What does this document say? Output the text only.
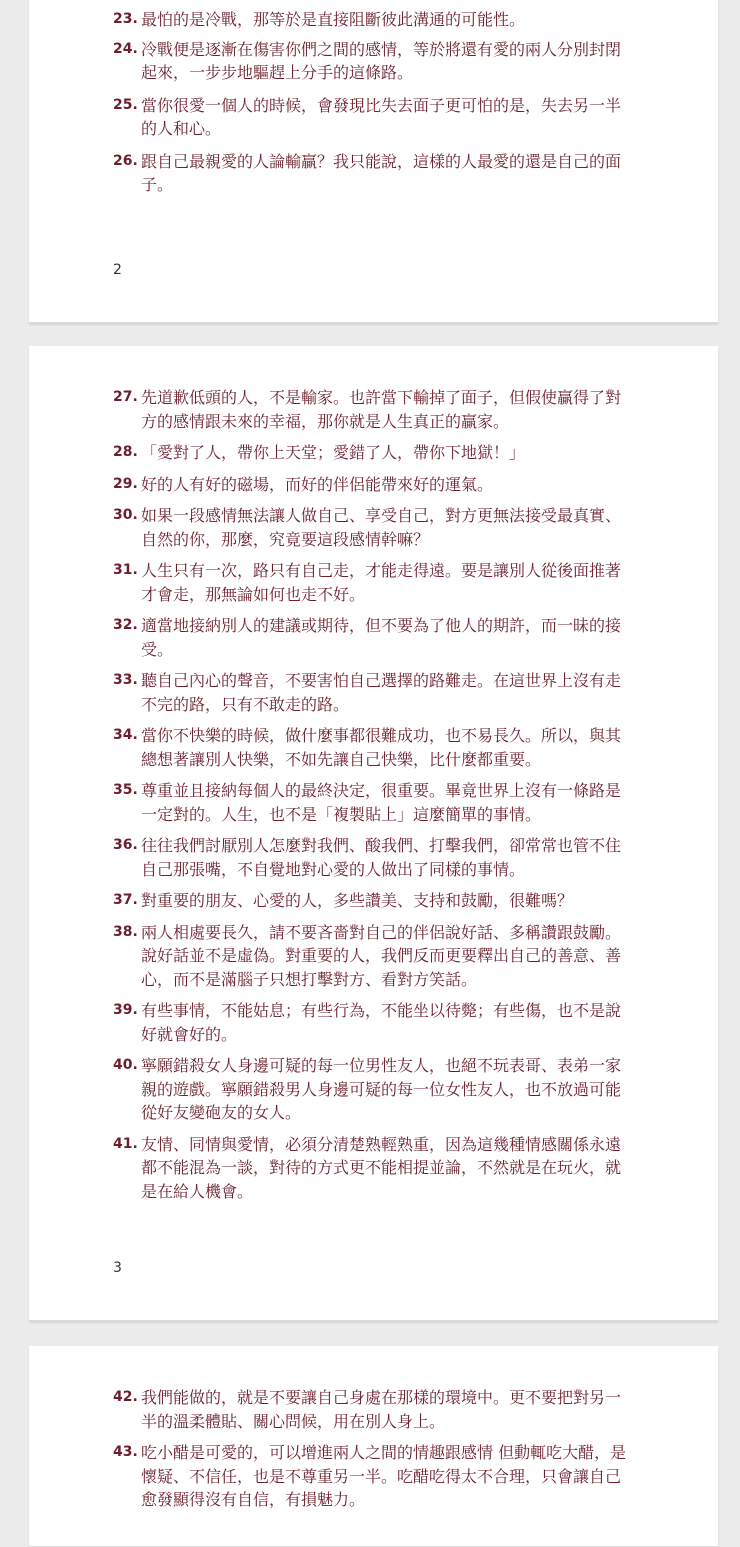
23. 最怕的是冷戰，那等於是直接阻斷彼此溝通的可能性。
24. 冷戰便是逐漸在傷害你們之間的感情，等於將還有愛的兩人分別封閉起來，一步步地驅趕上分手的這條路。
25. 當你很愛一個人的時候，會發現比失去面子更可怕的是，失去另一半的人和心。
26. 跟自己最親愛的人論輸贏？我只能說，這樣的人最愛的還是自己的面子。
2
27. 先道歉低頭的人，不是輸家。也許當下輸掉了面子，但假使贏得了對方的感情跟未來的幸福，那你就是人生真正的贏家。
28. 「愛對了人，帶你上天堂；愛錯了人，帶你下地獄！」
29. 好的人有好的磁場，而好的伴侶能帶來好的運氣。
30. 如果一段感情無法讓人做自己、享受自己，對方更無法接受最真實、自然的你，那麼，究竟要這段感情幹嘛？
31. 人生只有一次，路只有自己走，才能走得遠。要是讓別人從後面推著才會走，那無論如何也走不好。
32. 適當地接納別人的建議或期待，但不要為了他人的期許，而一昧的接受。
33. 聽自己內心的聲音，不要害怕自己選擇的路難走。在這世界上沒有走不完的路，只有不敢走的路。
34. 當你不快樂的時候，做什麼事都很難成功，也不易長久。所以，與其總想著讓別人快樂，不如先讓自己快樂，比什麼都重要。
35. 尊重並且接納每個人的最終決定，很重要。畢竟世界上沒有一條路是一定對的。人生，也不是「複製貼上」這麼簡單的事情。
36. 往往我們討厭別人怎麼對我們、酸我們、打擊我們，卻常常也管不住自己那張嘴，不自覺地對心愛的人做出了同樣的事情。
37. 對重要的朋友、心愛的人，多些讚美、支持和鼓勵，很難嗎？
38. 兩人相處要長久，請不要吝嗇對自己的伴侶說好話、多稱讚跟鼓勵。說好話並不是虛偽。對重要的人，我們反而更要釋出自己的善意、善心，而不是滿腦子只想打擊對方、看對方笑話。
39. 有些事情，不能姑息；有些行為，不能坐以待斃；有些傷，也不是說好就會好的。
40. 寧願錯殺女人身邊可疑的每一位男性友人，也絕不玩表哥、表弟一家親的遊戲。寧願錯殺男人身邊可疑的每一位女性友人，也不放過可能從好友變砲友的女人。
41. 友情、同情與愛情，必須分清楚熟輕熟重，因為這幾種情感關係永遠都不能混為一談，對待的方式更不能相提並論，不然就是在玩火，就是在給人機會。
3
42. 我們能做的，就是不要讓自己身處在那樣的環境中。更不要把對另一半的溫柔體貼、關心問候，用在別人身上。
43. 吃小醋是可愛的，可以增進兩人之間的情趣跟感情 但動輒吃大醋，是懷疑、不信任，也是不尊重另一半。吃醋吃得太不合理，只會讓自己愈發顯得沒有自信，有損魅力。
